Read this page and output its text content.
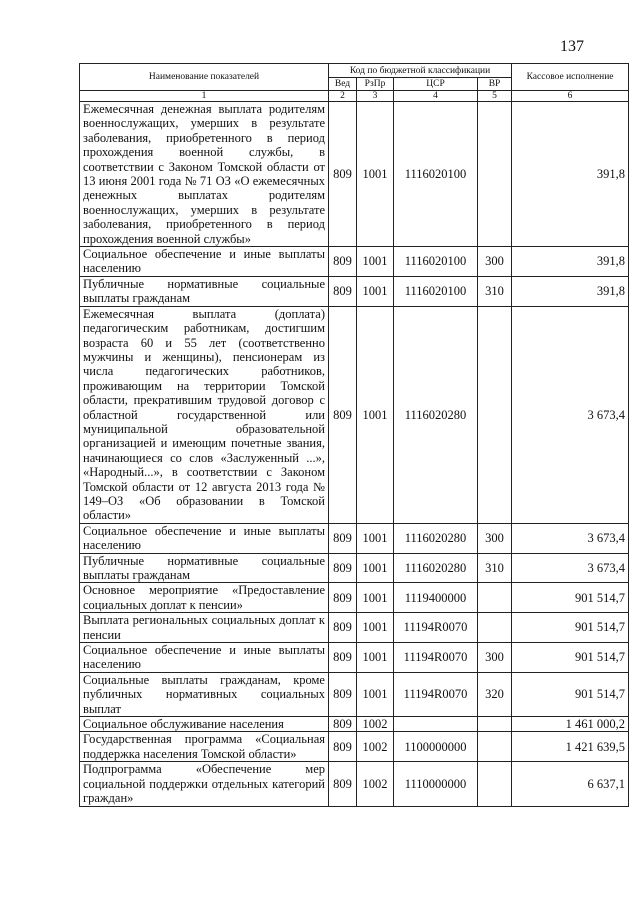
137
Наименование показателей	Код по бюджетной классификации				Кассовое исполнение
	Вед	РзПр	ЦСР	ВР	
1	2	3	4	5	6
Ежемесячная денежная выплата родителям военнослужащих, умерших в результате заболевания, приобретенного в период прохождения военной службы, в соответствии с Законом Томской области от 13 июня 2001 года № 71 ОЗ «О ежемесячных денежных выплатах родителям военнослужащих, умерших в результате заболевания, приобретенного в период прохождения военной службы»	809	1001	1116020100		391,8
Социальное обеспечение и иные выплаты населению	809	1001	1116020100	300	391,8
Публичные нормативные социальные выплаты гражданам	809	1001	1116020100	310	391,8
Ежемесячная выплата (доплата) педагогическим работникам, достигшим возраста 60 и 55 лет (соответственно мужчины и женщины), пенсионерам из числа педагогических работников, проживающим на территории Томской области, прекратившим трудовой договор с областной государственной или муниципальной образовательной организацией и имеющим почетные звания, начинающиеся со слов «Заслуженный ...», «Народный...», в соответствии с Законом Томской области от 12 августа 2013 года № 149–ОЗ «Об образовании в Томской области»	809	1001	1116020280		3 673,4
Социальное обеспечение и иные выплаты населению	809	1001	1116020280	300	3 673,4
Публичные нормативные социальные выплаты гражданам	809	1001	1116020280	310	3 673,4
Основное мероприятие «Предоставление социальных доплат к пенсии»	809	1001	1119400000		901 514,7
Выплата региональных социальных доплат к пенсии	809	1001	11194R0070		901 514,7
Социальное обеспечение и иные выплаты населению	809	1001	11194R0070	300	901 514,7
Социальные выплаты гражданам, кроме публичных нормативных социальных выплат	809	1001	11194R0070	320	901 514,7
Социальное обслуживание населения	809	1002			1 461 000,2
Государственная программа «Социальная поддержка населения Томской области»	809	1002	1100000000		1 421 639,5
Подпрограмма «Обеспечение мер социальной поддержки отдельных категорий граждан»	809	1002	1110000000		6 637,1
